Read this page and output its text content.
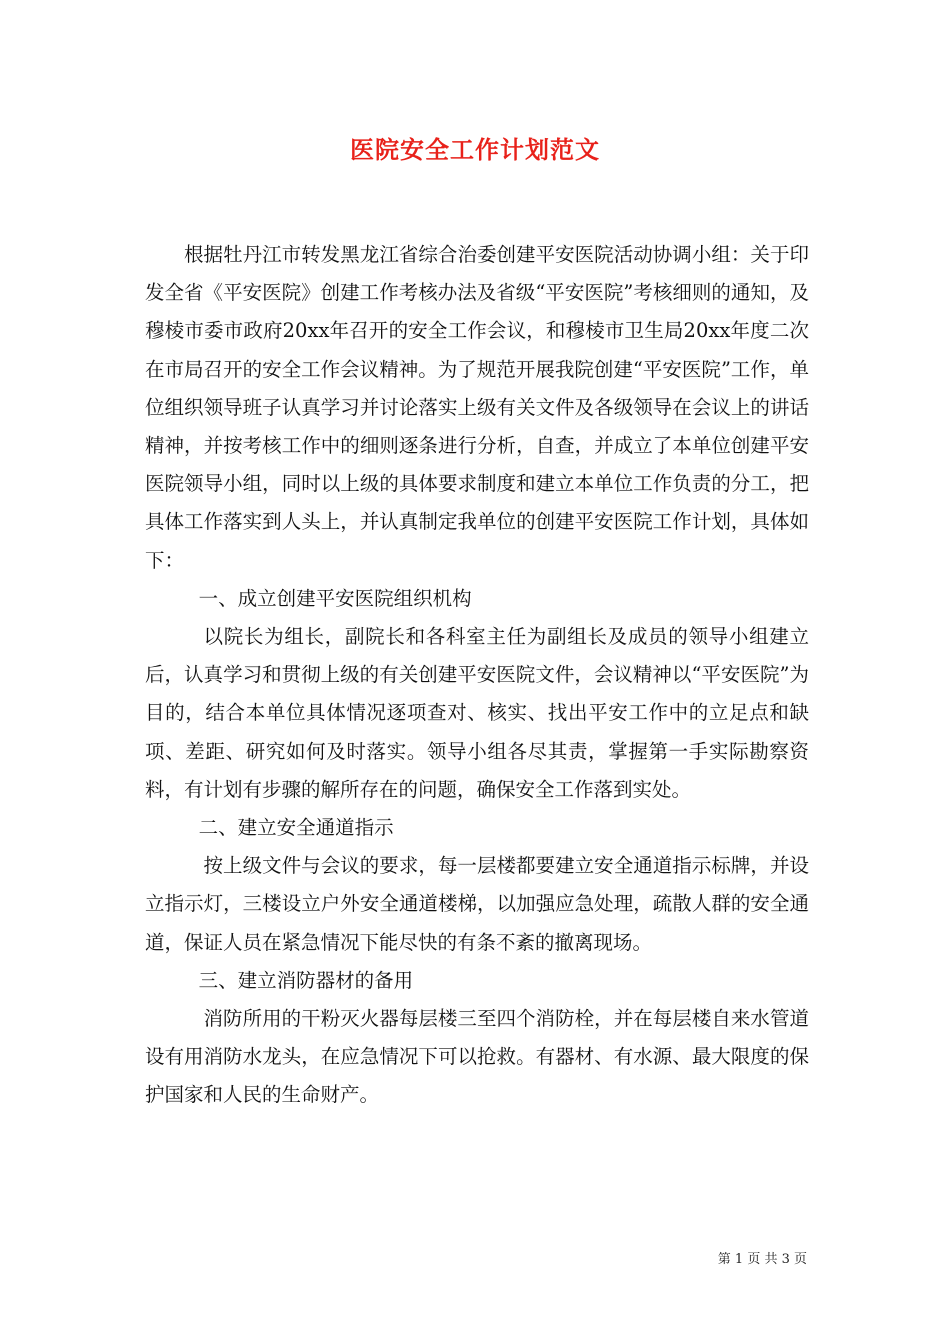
医院安全工作计划范文

根据牡丹江市转发黑龙江省综合治委创建平安医院活动协调小组：关于印发全省《平安医院》创建工作考核办法及省级“平安医院”考核细则的通知，及穆棱市委市政府20xx年召开的安全工作会议，和穆棱市卫生局20xx年度二次在市局召开的安全工作会议精神。为了规范开展我院创建“平安医院”工作，单位组织领导班子认真学习并讨论落实上级有关文件及各级领导在会议上的讲话精神，并按考核工作中的细则逐条进行分析，自查，并成立了本单位创建平安医院领导小组，同时以上级的具体要求制度和建立本单位工作负责的分工，把具体工作落实到人头上，并认真制定我单位的创建平安医院工作计划，具体如下：

一、成立创建平安医院组织机构

以院长为组长，副院长和各科室主任为副组长及成员的领导小组建立后，认真学习和贯彻上级的有关创建平安医院文件，会议精神以“平安医院”为目的，结合本单位具体情况逐项查对、核实、找出平安工作中的立足点和缺项、差距、研究如何及时落实。领导小组各尽其责，掌握第一手实际勘察资料，有计划有步骤的解所存在的问题，确保安全工作落到实处。

二、建立安全通道指示

按上级文件与会议的要求，每一层楼都要建立安全通道指示标牌，并设立指示灯，三楼设立户外安全通道楼梯，以加强应急处理，疏散人群的安全通道，保证人员在紧急情况下能尽快的有条不紊的撤离现场。

三、建立消防器材的备用

消防所用的干粉灭火器每层楼三至四个消防栓，并在每层楼自来水管道设有用消防水龙头，在应急情况下可以抢救。有器材、有水源、最大限度的保护国家和人民的生命财产。

第 1 页 共 3 页
